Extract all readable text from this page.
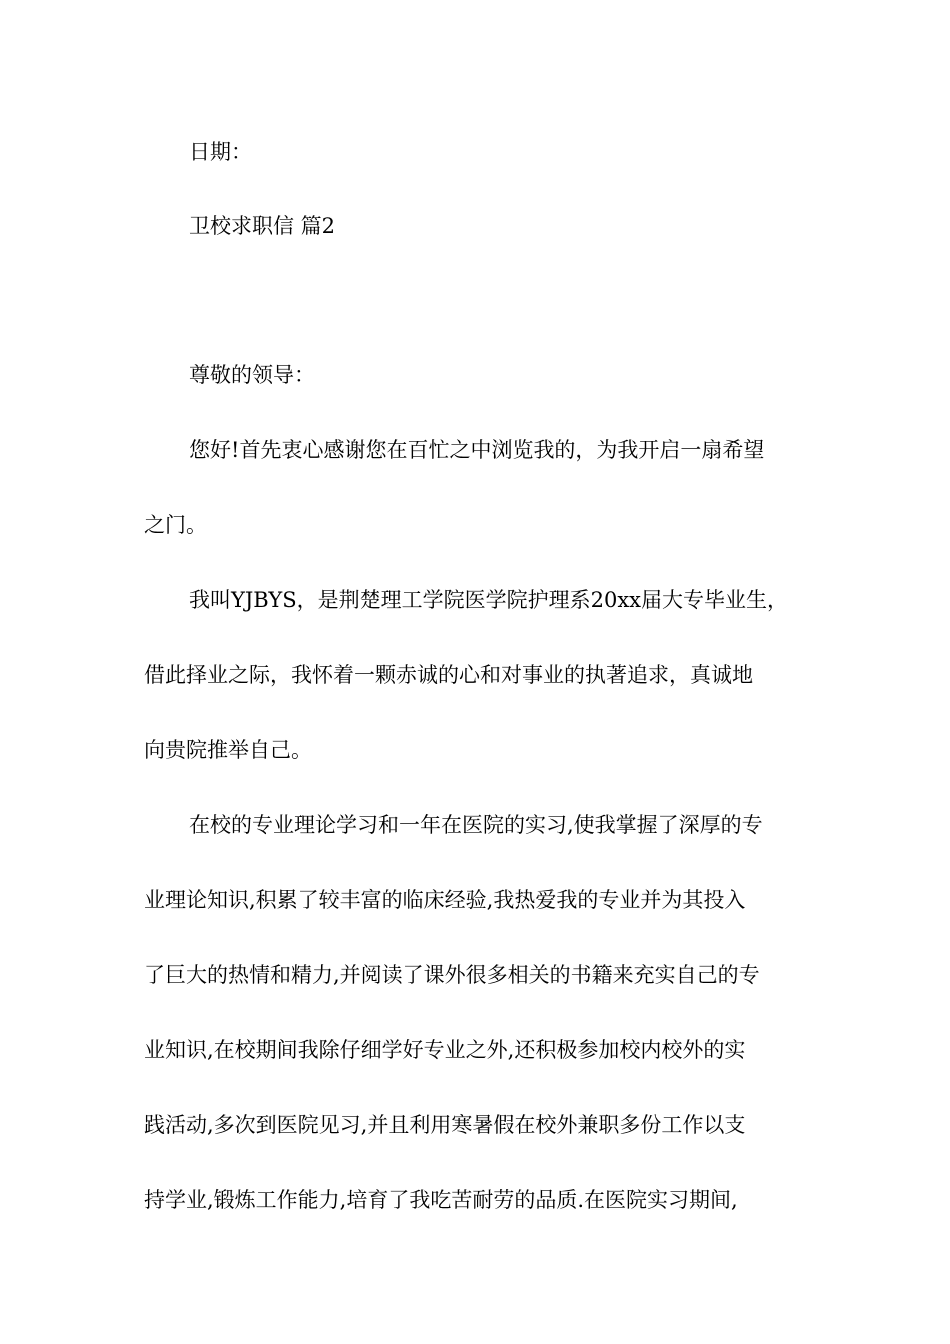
日期：
卫校求职信 篇2
尊敬的领导：
您好!首先衷心感谢您在百忙之中浏览我的，为我开启一扇希望
之门。
我叫YJBYS，是荆楚理工学院医学院护理系20xx届大专毕业生，
借此择业之际，我怀着一颗赤诚的心和对事业的执著追求，真诚地
向贵院推举自己。
在校的专业理论学习和一年在医院的实习,使我掌握了深厚的专
业理论知识,积累了较丰富的临床经验,我热爱我的专业并为其投入
了巨大的热情和精力,并阅读了课外很多相关的书籍来充实自己的专
业知识,在校期间我除仔细学好专业之外,还积极参加校内校外的实
践活动,多次到医院见习,并且利用寒暑假在校外兼职多份工作以支
持学业,锻炼工作能力,培育了我吃苦耐劳的品质.在医院实习期间,
